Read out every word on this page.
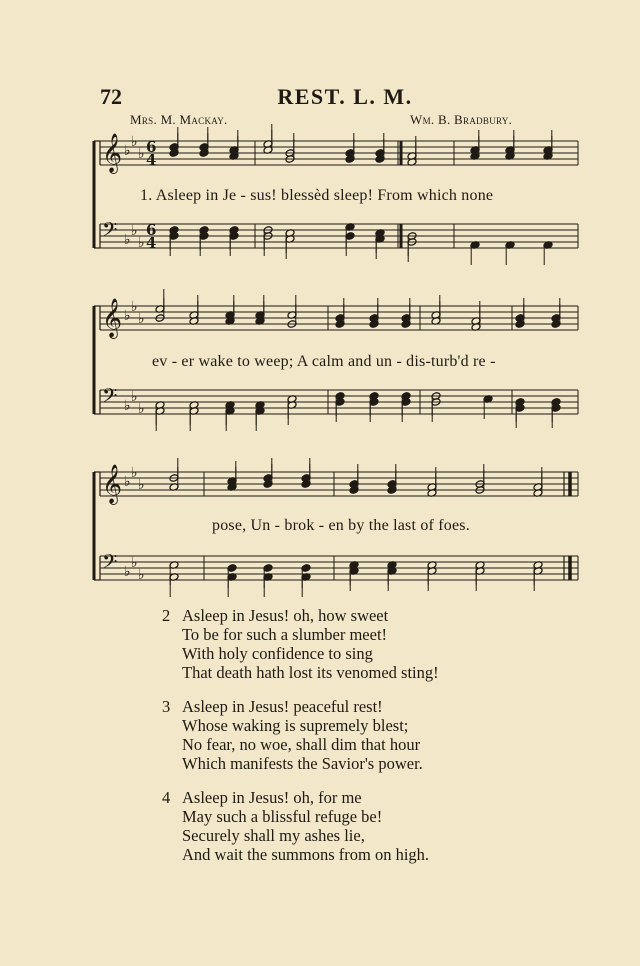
72	REST. L. M.
Mrs. M. Mackay.	Wm. B. Bradbury.
𝄞 ♭
♭
♭ 6
4
𝄢 ♭
♭
♭
6
4
𝄞 ♭
♭
♭
𝄢 ♭
♭
♭
𝄞 ♭
♭
♭
𝄢 ♭
♭
♭
1. Asleep in Je - sus! blessèd sleep! From which none
ev - er wake to weep; A calm and un - dis-turb'd re -
pose, Un - brok - en by the last of foes.
2 Asleep in Jesus! oh, how sweet
To be for such a slumber meet!
With holy confidence to sing
That death hath lost its venomed sting!
3 Asleep in Jesus! peaceful rest!
Whose waking is supremely blest;
No fear, no woe, shall dim that hour
Which manifests the Savior's power.
4 Asleep in Jesus! oh, for me
May such a blissful refuge be!
Securely shall my ashes lie,
And wait the summons from on high.
